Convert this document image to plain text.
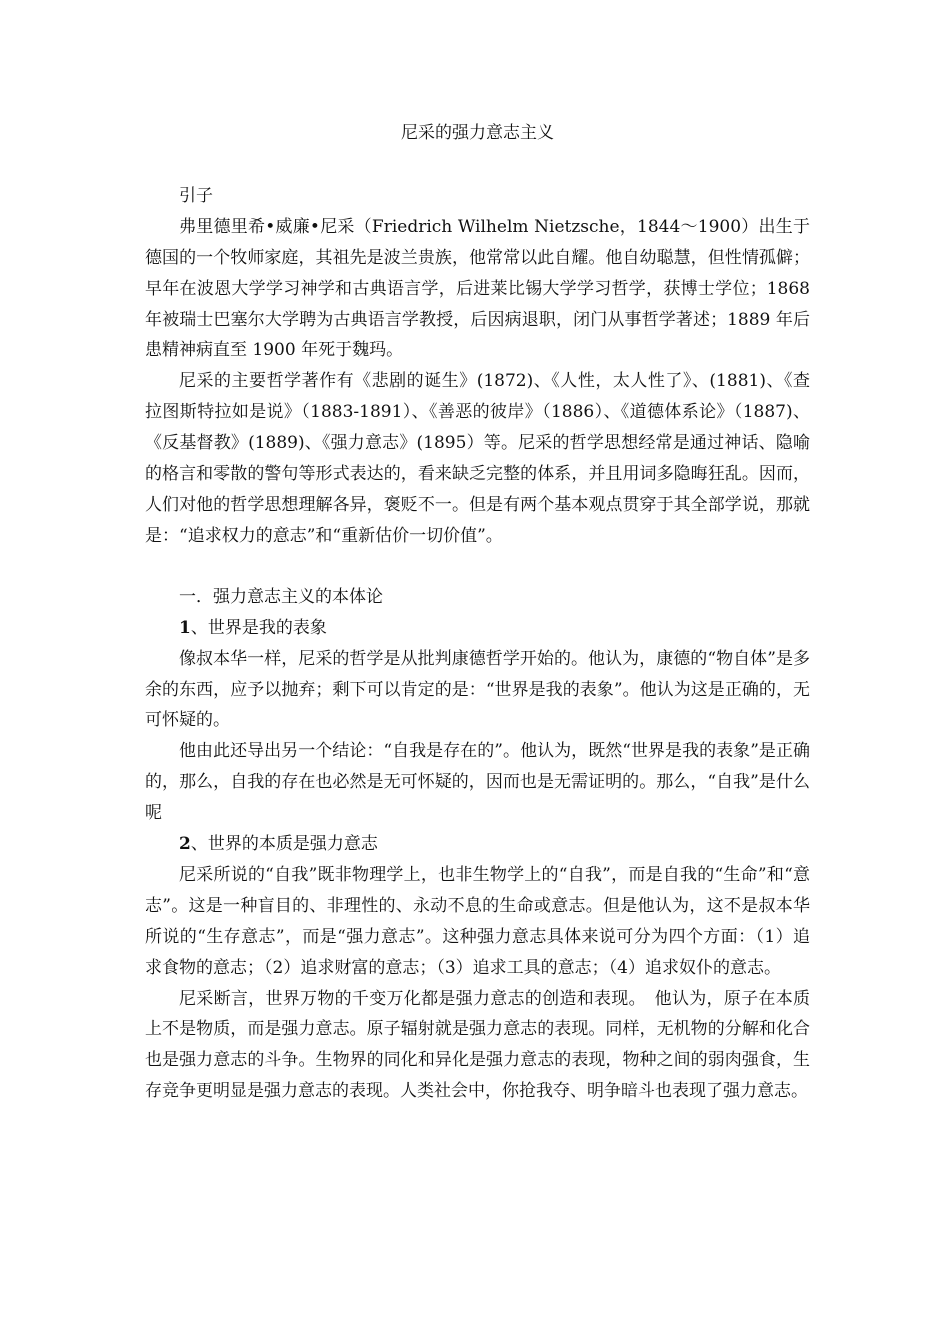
尼采的强力意志主义

引子

弗里德里希•威廉•尼采（Friedrich Wilhelm Nietzsche，1844～1900）出生于德国的一个牧师家庭，其祖先是波兰贵族，他常常以此自耀。他自幼聪慧，但性情孤僻；早年在波恩大学学习神学和古典语言学，后进莱比锡大学学习哲学，获博士学位；1868 年被瑞士巴塞尔大学聘为古典语言学教授，后因病退职，闭门从事哲学著述；1889 年后患精神病直至 1900 年死于魏玛。

尼采的主要哲学著作有《悲剧的诞生》(1872)、《人性，太人性了》、(1881)、《查拉图斯特拉如是说》（1883-1891）、《善恶的彼岸》（1886）、《道德体系论》（1887)、《反基督教》(1889)、《强力意志》(1895）等。尼采的哲学思想经常是通过神话、隐喻的格言和零散的警句等形式表达的，看来缺乏完整的体系，并且用词多隐晦狂乱。因而，人们对他的哲学思想理解各异，褒贬不一。但是有两个基本观点贯穿于其全部学说，那就是：“追求权力的意志”和“重新估价一切价值”。

一．强力意志主义的本体论

1、世界是我的表象

像叔本华一样，尼采的哲学是从批判康德哲学开始的。他认为，康德的“物自体”是多余的东西，应予以抛弃；剩下可以肯定的是：“世界是我的表象”。他认为这是正确的，无可怀疑的。

他由此还导出另一个结论：“自我是存在的”。他认为，既然“世界是我的表象”是正确的，那么，自我的存在也必然是无可怀疑的，因而也是无需证明的。那么，“自我”是什么呢

2、世界的本质是强力意志

尼采所说的“自我”既非物理学上，也非生物学上的“自我”，而是自我的“生命”和“意志”。这是一种盲目的、非理性的、永动不息的生命或意志。但是他认为，这不是叔本华所说的“生存意志”，而是“强力意志”。这种强力意志具体来说可分为四个方面：（1）追求食物的意志；（2）追求财富的意志；（3）追求工具的意志；（4）追求奴仆的意志。

尼采断言，世界万物的千变万化都是强力意志的创造和表现。　他认为，原子在本质上不是物质，而是强力意志。原子辐射就是强力意志的表现。同样，无机物的分解和化合也是强力意志的斗争。生物界的同化和异化是强力意志的表现，物种之间的弱肉强食，生存竞争更明显是强力意志的表现。人类社会中，你抢我夺、明争暗斗也表现了强力意志。
